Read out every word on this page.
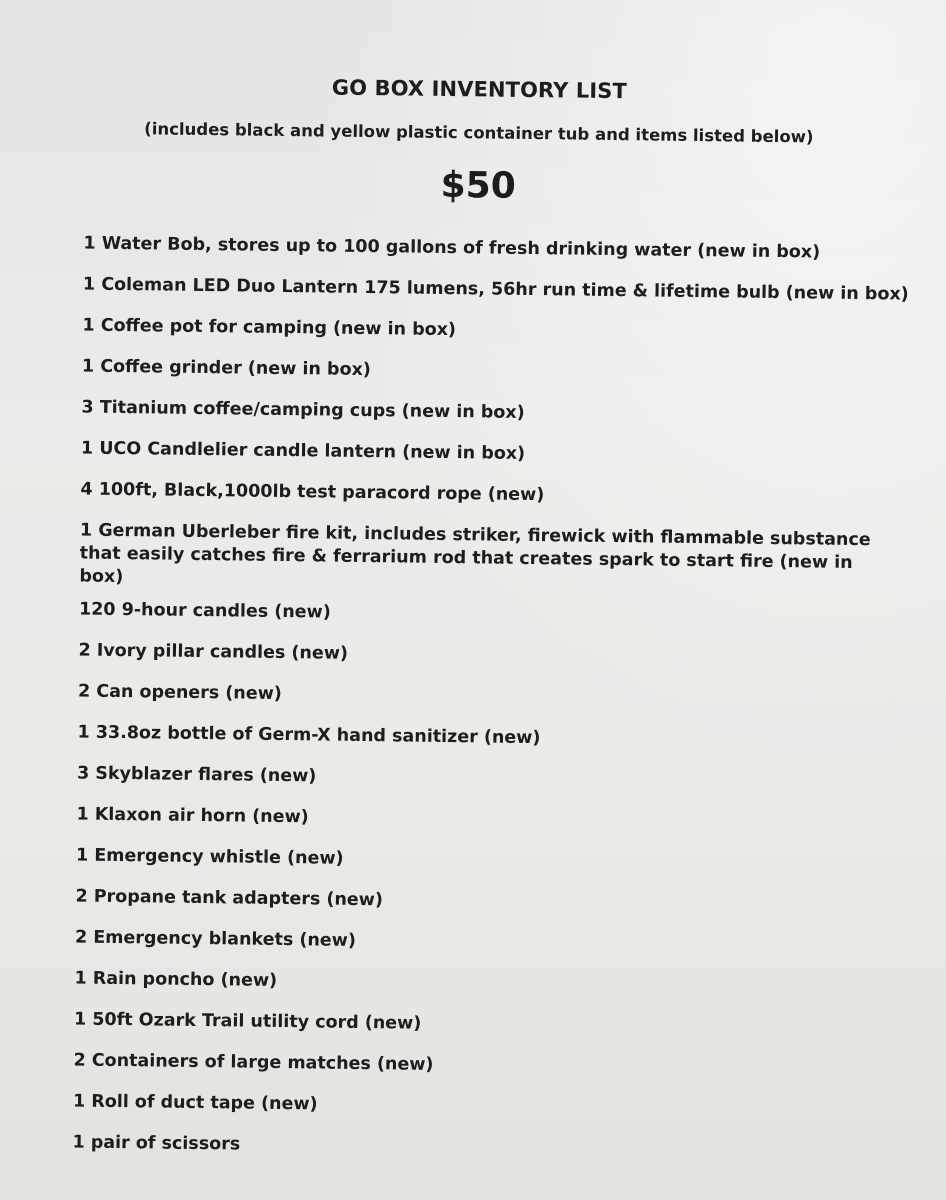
GO BOX INVENTORY LIST

(includes black and yellow plastic container tub and items listed below)

$50

1 Water Bob, stores up to 100 gallons of fresh drinking water (new in box)
1 Coleman LED Duo Lantern 175 lumens, 56hr run time & lifetime bulb (new in box)
1 Coffee pot for camping (new in box)
1 Coffee grinder (new in box)
3 Titanium coffee/camping cups (new in box)
1 UCO Candlelier candle lantern (new in box)
4 100ft, Black,1000lb test paracord rope (new)
1 German Uberleber fire kit, includes striker, firewick with flammable substance that easily catches fire & ferrarium rod that creates spark to start fire (new in box)
120 9-hour candles (new)
2 Ivory pillar candles (new)
2 Can openers (new)
1 33.8oz bottle of Germ-X hand sanitizer (new)
3 Skyblazer flares (new)
1 Klaxon air horn (new)
1 Emergency whistle (new)
2 Propane tank adapters (new)
2 Emergency blankets (new)
1 Rain poncho (new)
1 50ft Ozark Trail utility cord (new)
2 Containers of large matches (new)
1 Roll of duct tape (new)
1 pair of scissors
